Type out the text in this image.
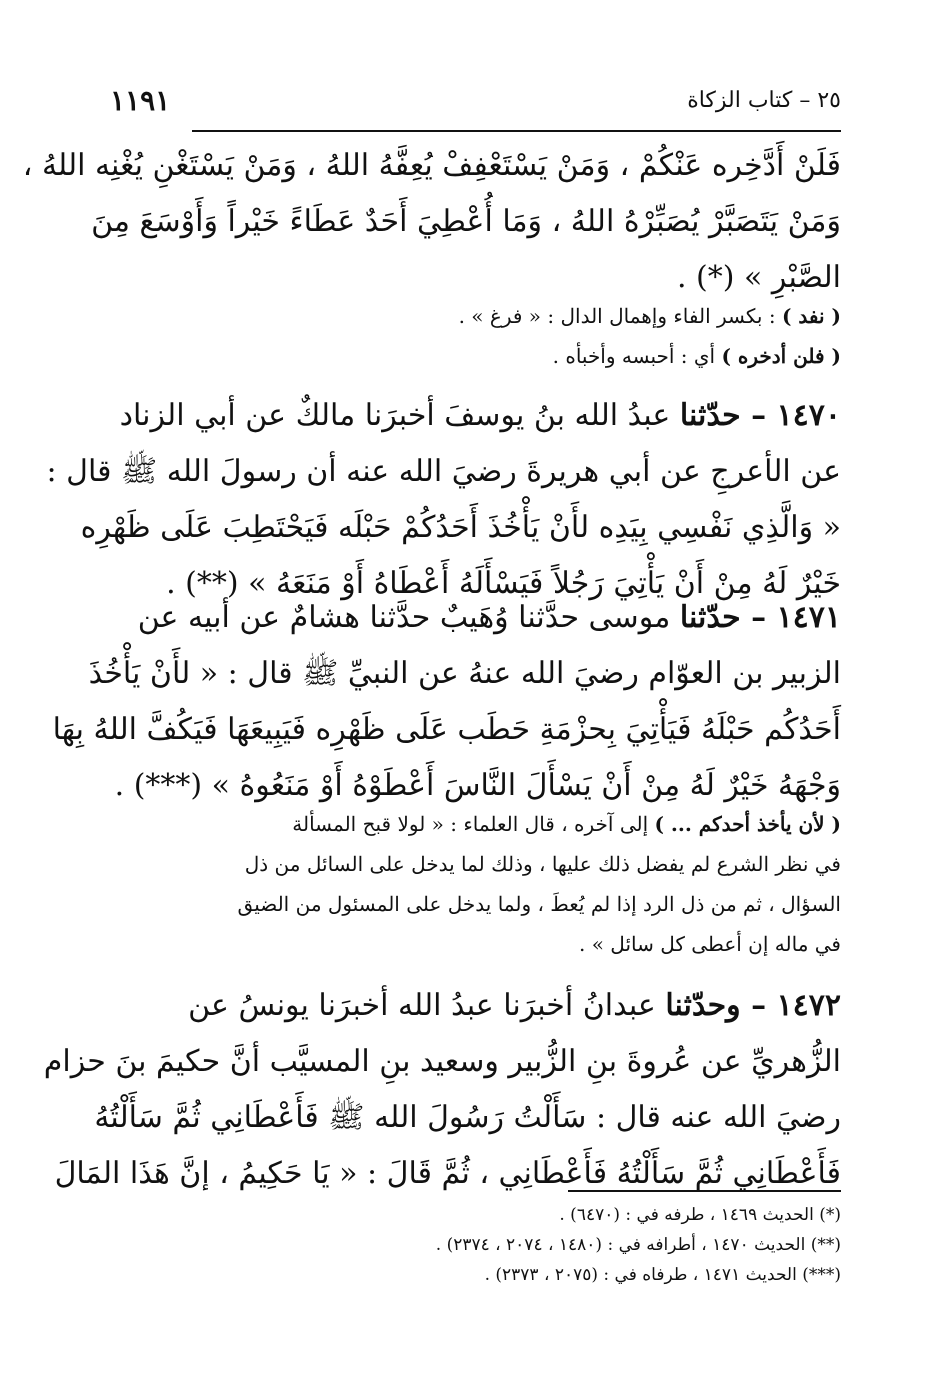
١١٩١	٢٥ – كتاب الزكاة
فَلَنْ أَدَّخِره عَنْكُمْ ، وَمَنْ يَسْتَعْفِفْ يُعِفَّهُ اللهُ ، وَمَنْ يَسْتَغْنِ يُغْنِه اللهُ ،
وَمَنْ يَتَصَبَّرْ يُصَبِّرْهُ اللهُ ، وَمَا أُعْطِيَ أَحَدٌ عَطَاءً خَيْراً وَأَوْسَعَ مِنَ
الصَّبْرِ » (*) .
( نفد ) : بكسر الفاء وإهمال الدال : « فرغ » .
( فلن أدخره ) أي : أحبسه وأخبأه .
١٤٧٠ – حدّثنا عبدُ الله بنُ يوسفَ أخبرَنا مالكٌ عن أبي الزناد
عن الأعرجِ عن أبي هريرةَ رضيَ الله عنه أن رسولَ الله ﷺ قال :
« وَالَّذِي نَفْسِي بِيَدِه لأَنْ يَأْخُذَ أَحَدُكُمْ حَبْلَه فَيَحْتَطِبَ عَلَى ظَهْرِه
خَيْرٌ لَهُ مِنْ أَنْ يَأْتِيَ رَجُلاً فَيَسْأَلَهُ أَعْطَاهُ أَوْ مَنَعَهُ » (**) .
١٤٧١ – حدّثنا موسى حدَّثنا وُهَيبٌ حدَّثنا هشامٌ عن أبيه عن
الزبير بن العوّام رضيَ الله عنهُ عن النبيِّ ﷺ قال : « لأَنْ يَأْخُذَ
أَحَدُكُم حَبْلَهُ فَيَأْتِيَ بِحزْمَةِ حَطَب عَلَى ظَهْرِه فَيَبِيعَهَا فَيَكُفَّ اللهُ بِهَا
وَجْهَهُ خَيْرٌ لَهُ مِنْ أَنْ يَسْأَلَ النَّاسَ أَعْطَوْهُ أَوْ مَنَعُوهُ » (***) .
( لأن يأخذ أحدكم ... ) إلى آخره ، قال العلماء : « لولا قبح المسألة
في نظر الشرع لم يفضل ذلك عليها ، وذلك لما يدخل على السائل من ذل
السؤال ، ثم من ذل الرد إذا لم يُعطَ ، ولما يدخل على المسئول من الضيق
في ماله إن أعطى كل سائل » .
١٤٧٢ – وحدّثنا عبدانُ أخبرَنا عبدُ الله أخبرَنا يونسُ عن
الزُّهريِّ عن عُروةَ بنِ الزُّبير وسعيد بنِ المسيَّب أنَّ حكيمَ بنَ حزام
رضيَ الله عنه قال : سَأَلْتُ رَسُولَ الله ﷺ فَأَعْطَانِي ثُمَّ سَأَلْتُهُ
فَأَعْطَانِي ثُمَّ سَأَلْتُهُ فَأَعْطَانِي ، ثُمَّ قَالَ : « يَا حَكِيمُ ، إنَّ هَذَا المَالَ
(*) الحديث ١٤٦٩ ، طرفه في : (٦٤٧٠) .
(**) الحديث ١٤٧٠ ، أطرافه في : (١٤٨٠ ، ٢٠٧٤ ، ٢٣٧٤) .
(***) الحديث ١٤٧١ ، طرفاه في : (٢٠٧٥ ، ٢٣٧٣) .
